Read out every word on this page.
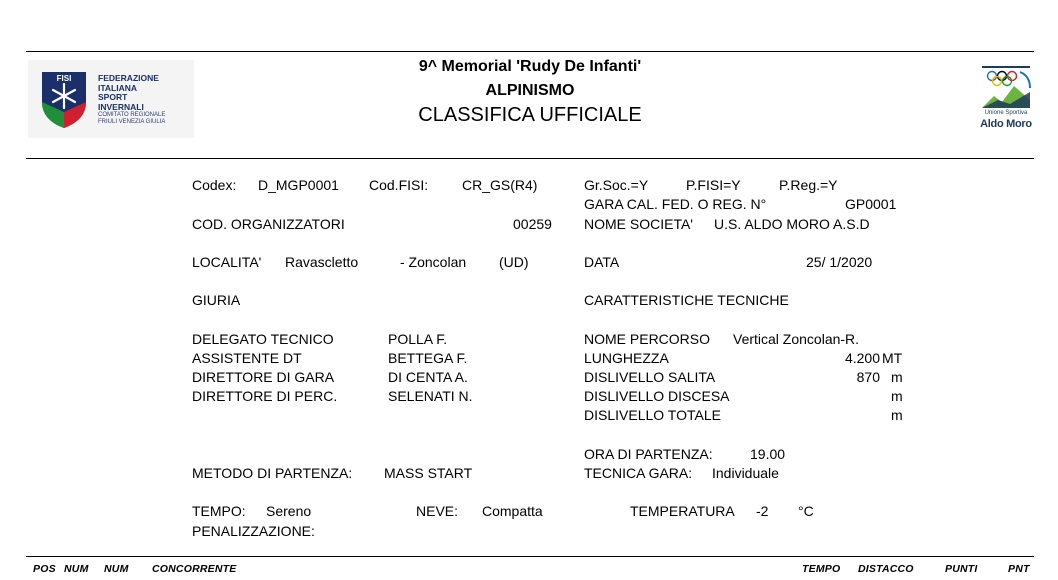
FISI	FEDERAZIONE
ITALIANA
SPORT
INVERNALI
COMITATO REGIONALE
FRIULI VENEZIA GIULIA
9^ Memorial 'Rudy De Infanti'
ALPINISMO
CLASSIFICA UFFICIALE	Unione Sportiva
Aldo Moro
Codex: D_MGP0001 Cod.FISI: CR_GS(R4)	Gr.Soc.=Y	P.FISI=Y	P.Reg.=Y
GARA CAL. FED. O REG. N°	GP0001
COD. ORGANIZZATORI	00259 NOME SOCIETA' U.S. ALDO MORO A.S.D
LOCALITA' Ravascletto	- Zoncolan (UD)	DATA	25/ 1/2020
GIURIA	CARATTERISTICHE TECNICHE
DELEGATO TECNICO	POLLA F.
ASSISTENTE DT	BETTEGA F.
DIRETTORE DI GARA	DI CENTA A.
DIRETTORE DI PERC.	SELENATI N.
NOME PERCORSO Vertical Zoncolan-R.
LUNGHEZZA	4.200 MT
DISLIVELLO SALITA	870 m
DISLIVELLO DISCESA	m
DISLIVELLO TOTALE	m
ORA DI PARTENZA:	19.00
METODO DI PARTENZA: MASS START	TECNICA GARA: Individuale
TEMPO: Sereno	NEVE: Compatta	TEMPERATURA -2 °C
PENALIZZAZIONE:
POS NUM NUM CONCORRENTE	TEMPO DISTACCO	PUNTI	PNT
